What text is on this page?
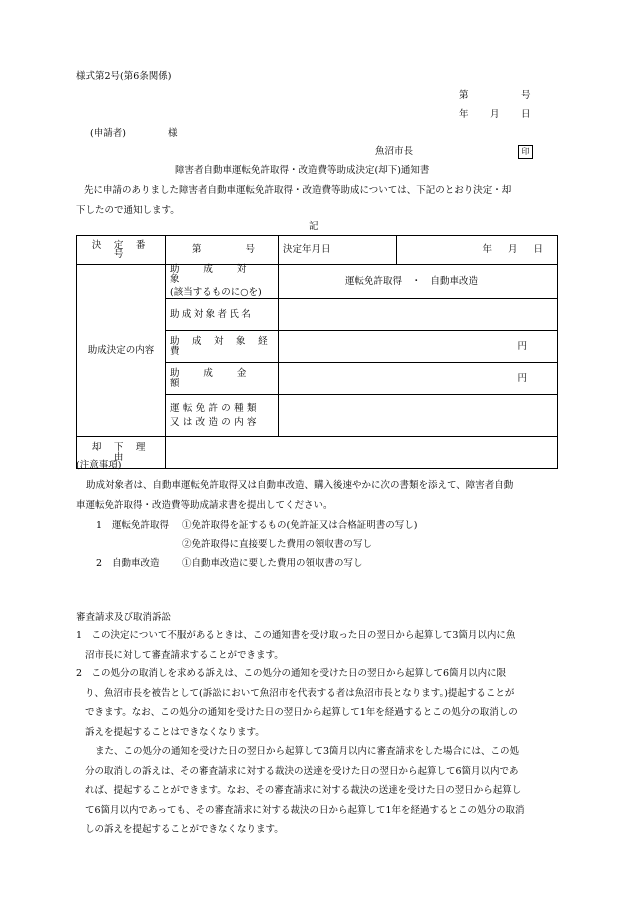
様式第2号(第6条関係)
第	号
年 月 日
(申請者)	様
魚沼市長	印
障害者自動車運転免許取得・改造費等助成決定(却下)通知書
先に申請のありました障害者自動車運転免許取得・改造費等助成については、下記のとおり決定・却
下したので通知します。
記
決 定 番 号	第 号	決定年月日	年 月 日
助成決定の内容	助 成 対 象
(該当するものに○を)	運転免許取得　・　自動車改造	
	助成対象者氏名		
	助 成 対 象 経 費	円	
	助 成 金 額	円	

	運転免許の種類
又は改造の内容		

却 下 理 由			
(注意事項)
助成対象者は、自動車運転免許取得又は自動車改造、購入後速やかに次の書類を添えて、障害者自動
車運転免許取得・改造費等助成請求書を提出してください。
1 運転免許取得 ①免許取得を証するもの(免許証又は合格証明書の写し)
②免許取得に直接要した費用の領収書の写し
2 自動車改造 ①自動車改造に要した費用の領収書の写し
審査請求及び取消訴訟
1　この決定について不服があるときは、この通知書を受け取った日の翌日から起算して3箇月以内に魚
沼市長に対して審査請求することができます。
2　この処分の取消しを求める訴えは、この処分の通知を受けた日の翌日から起算して6箇月以内に限
り、魚沼市長を被告として(訴訟において魚沼市を代表する者は魚沼市長となります。)提起することが
できます。なお、この処分の通知を受けた日の翌日から起算して1年を経過するとこの処分の取消しの
訴えを提起することはできなくなります。
また、この処分の通知を受けた日の翌日から起算して3箇月以内に審査請求をした場合には、この処
分の取消しの訴えは、その審査請求に対する裁決の送達を受けた日の翌日から起算して6箇月以内であ
れば、提起することができます。なお、その審査請求に対する裁決の送達を受けた日の翌日から起算し
て6箇月以内であっても、その審査請求に対する裁決の日から起算して1年を経過するとこの処分の取消
しの訴えを提起することができなくなります。
